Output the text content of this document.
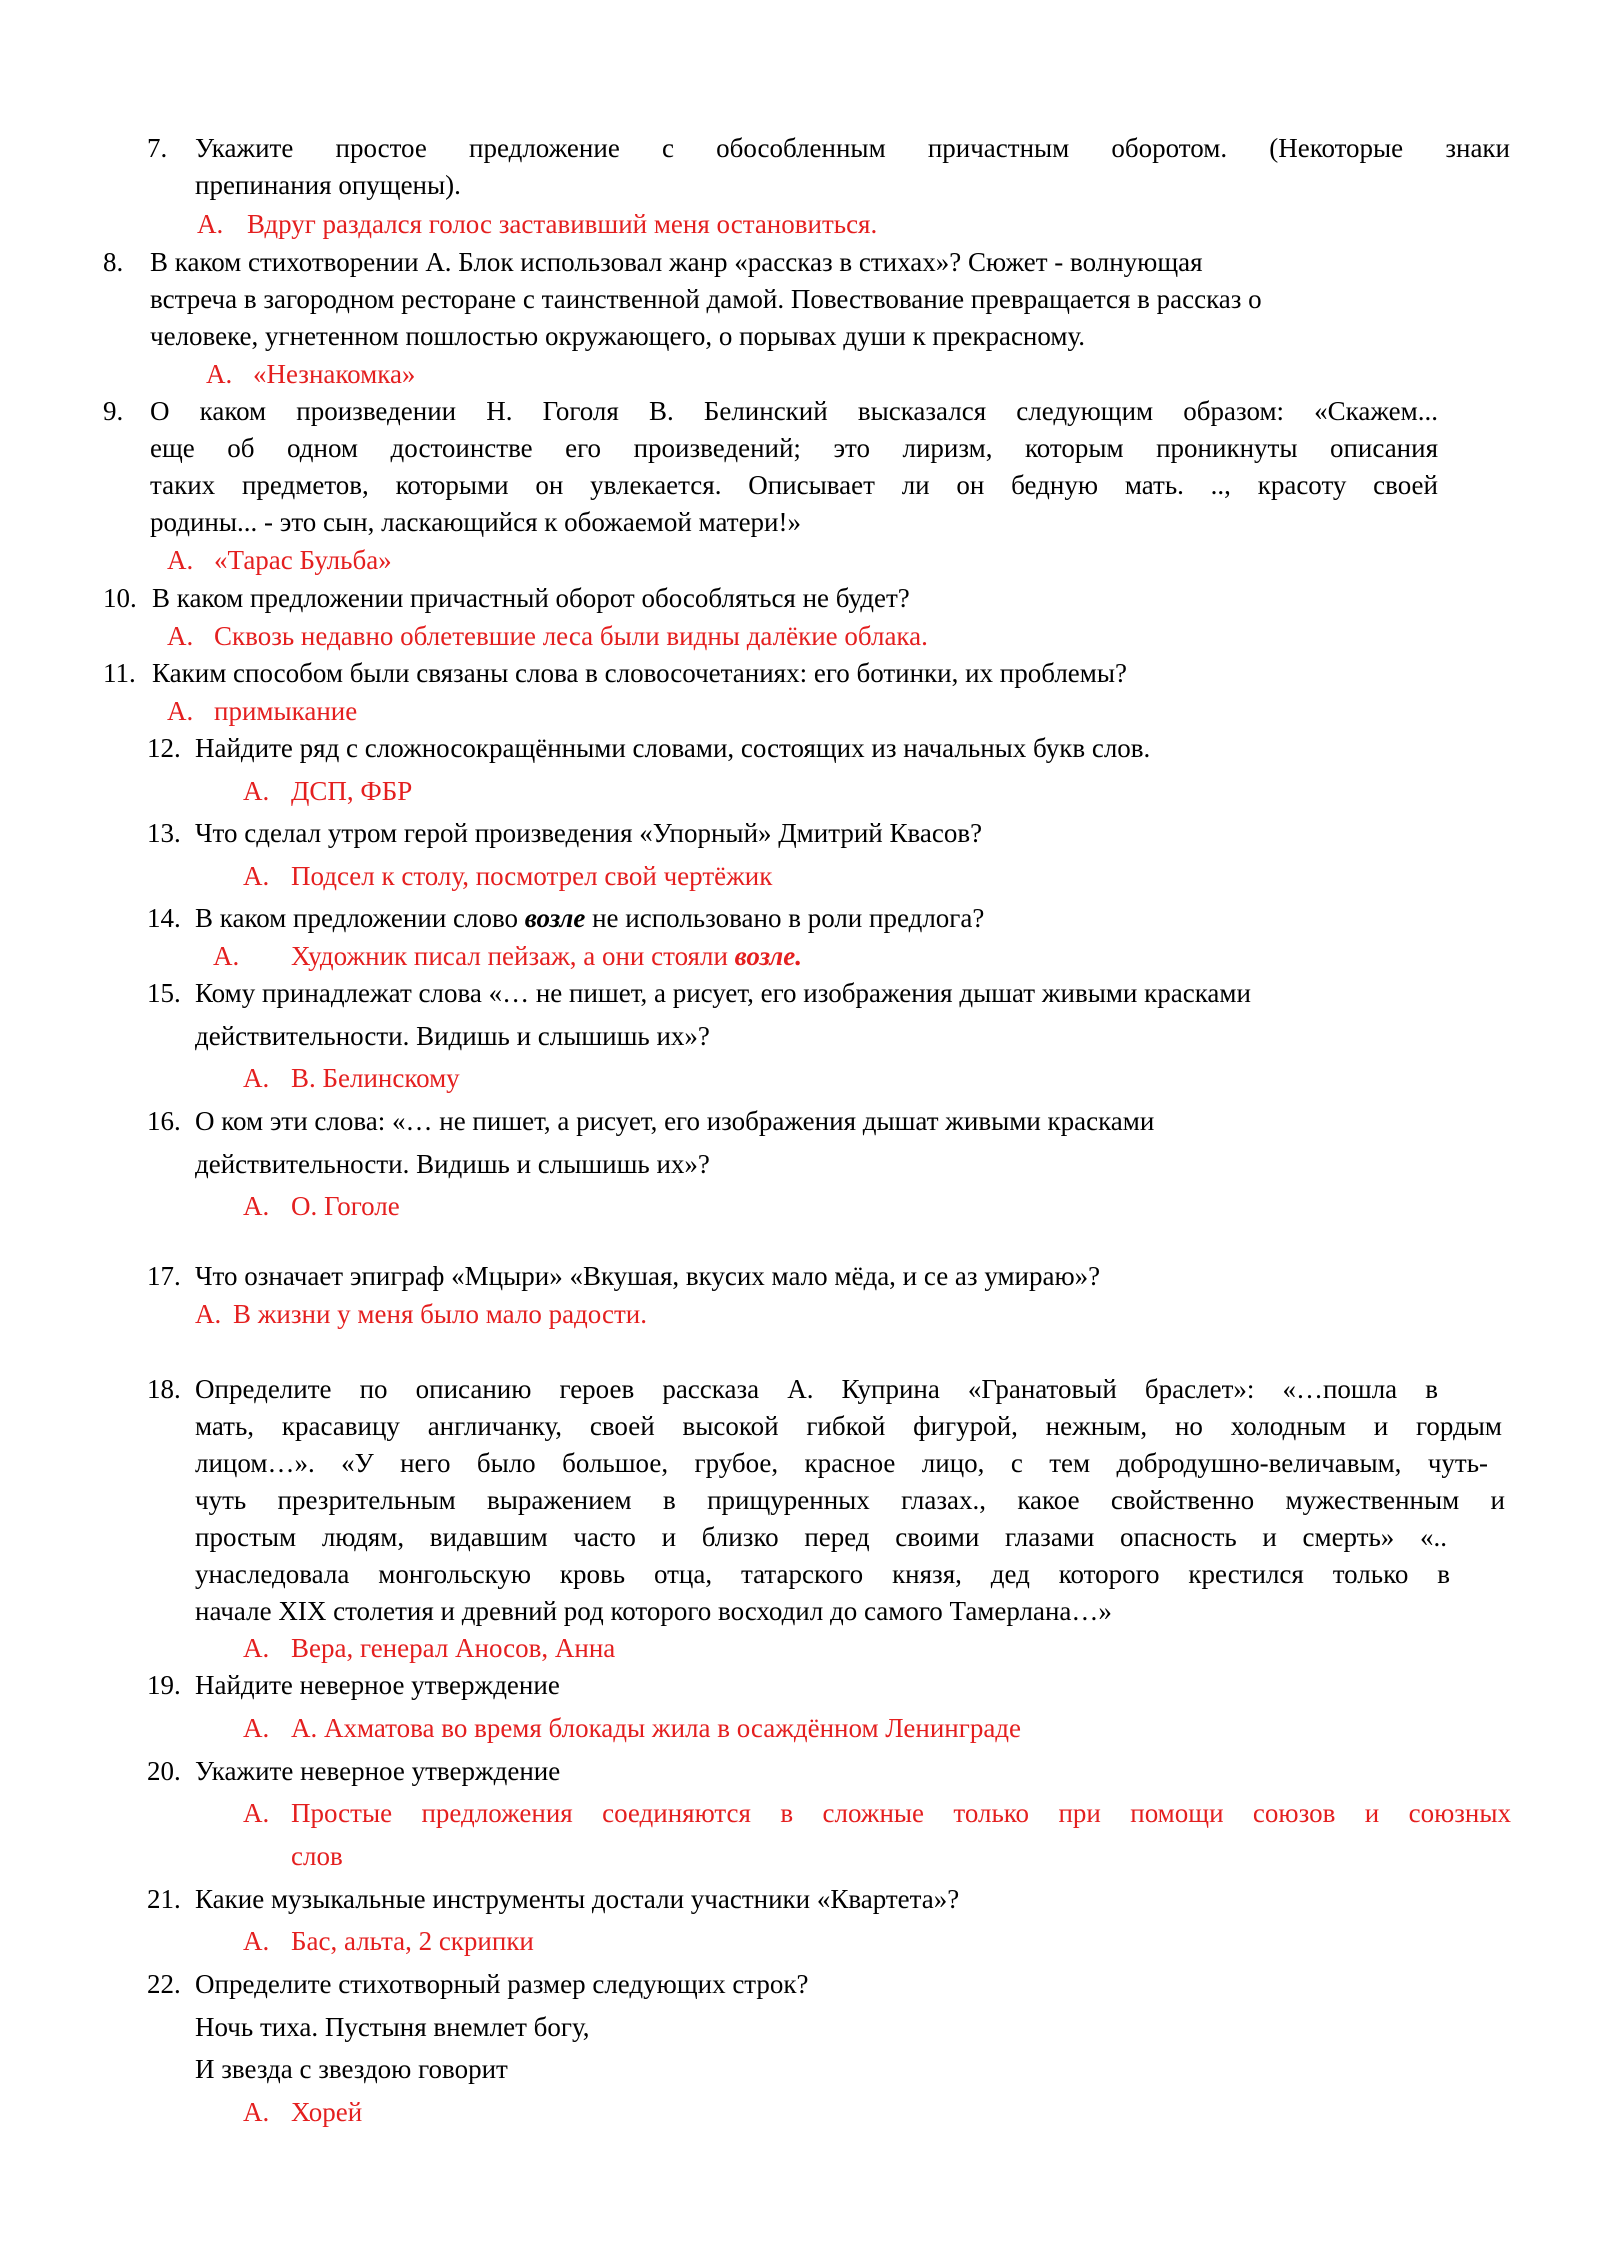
7. Укажите простое предложение с обособленным причастным оборотом. (Некоторые знаки
препинания опущены).
А. Вдруг раздался голос заставивший меня остановиться.
8. В каком стихотворении А. Блок использовал жанр «рассказ в стихах»? Сюжет - волнующая
встреча в загородном ресторане с таинственной дамой. Повествование превращается в рассказ о
человеке, угнетенном пошлостью окружающего, о порывах души к прекрасному.
А. «Незнакомка»
9. О каком произведении Н. Гоголя В. Белинский высказался следующим образом: «Скажем...
еще об одном достоинстве его произведений; это лиризм, которым проникнуты описания
таких предметов, которыми он увлекается. Описывает ли он бедную мать. .., красоту своей
родины... - это сын, ласкающийся к обожаемой матери!»
А. «Тарас Бульба»
10. В каком предложении причастный оборот обособляться не будет?
А. Сквозь недавно облетевшие леса были видны далёкие облака.
11. Каким способом были связаны слова в словосочетаниях: его ботинки, их проблемы?
А. примыкание
12. Найдите ряд с сложносокращёнными словами, состоящих из начальных букв слов.
А. ДСП, ФБР
13. Что сделал утром герой произведения «Упорный» Дмитрий Квасов?
А. Подсел к столу, посмотрел свой чертёжик
14. В каком предложении слово возле не использовано в роли предлога?
А. Художник писал пейзаж, а они стояли возле.
15. Кому принадлежат слова «… не пишет, а рисует, его изображения дышат живыми красками
действительности. Видишь и слышишь их»?
А. В. Белинскому
16. О ком эти слова: «… не пишет, а рисует, его изображения дышат живыми красками
действительности. Видишь и слышишь их»?
А. О. Гоголе
17. Что означает эпиграф «Мцыри» «Вкушая, вкусих мало мёда, и се аз умираю»?
А. В жизни у меня было мало радости.
18. Определите по описанию героев рассказа А. Куприна «Гранатовый браслет»: «…пошла в
мать, красавицу англичанку, своей высокой гибкой фигурой, нежным, но холодным и гордым
лицом…». «У него было большое, грубое, красное лицо, с тем добродушно-величавым, чуть-
чуть презрительным выражением в прищуренных глазах., какое свойственно мужественным и
простым людям, видавшим часто и близко перед своими глазами опасность и смерть» «..
унаследовала монгольскую кровь отца, татарского князя, дед которого крестился только в
начале XIX столетия и древний род которого восходил до самого Тамерлана…»
А. Вера, генерал Аносов, Анна
19. Найдите неверное утверждение
А. А. Ахматова во время блокады жила в осаждённом Ленинграде
20. Укажите неверное утверждение
А. Простые предложения соединяются в сложные только при помощи союзов и союзных
слов
21. Какие музыкальные инструменты достали участники «Квартета»?
А. Бас, альта, 2 скрипки
22. Определите стихотворный размер следующих строк?
Ночь тиха. Пустыня внемлет богу,
И звезда с звездою говорит
А. Хорей
